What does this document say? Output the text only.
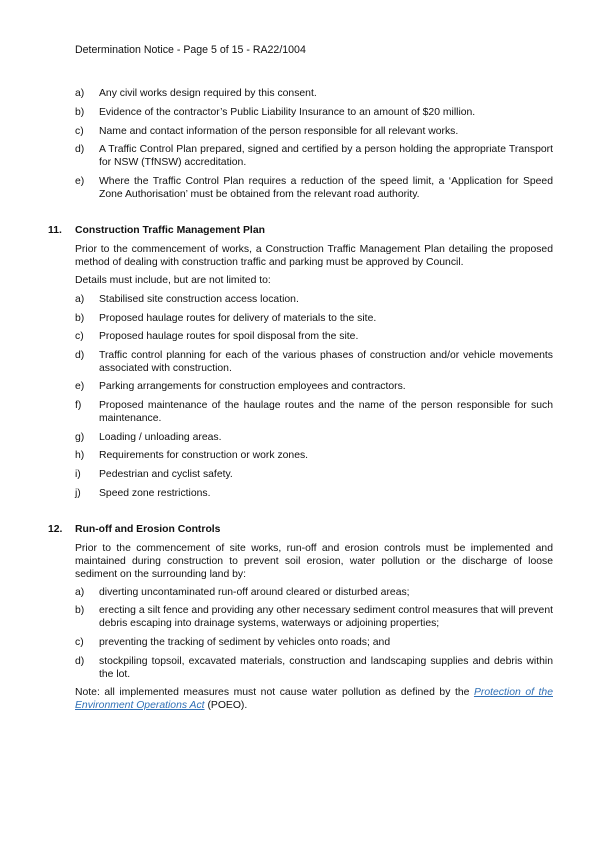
Determination Notice - Page 5 of 15 - RA22/1004
a) Any civil works design required by this consent.
b) Evidence of the contractor’s Public Liability Insurance to an amount of $20 million.
c) Name and contact information of the person responsible for all relevant works.
d) A Traffic Control Plan prepared, signed and certified by a person holding the appropriate Transport for NSW (TfNSW) accreditation.
e) Where the Traffic Control Plan requires a reduction of the speed limit, a ‘Application for Speed Zone Authorisation’ must be obtained from the relevant road authority.
11. Construction Traffic Management Plan
Prior to the commencement of works, a Construction Traffic Management Plan detailing the proposed method of dealing with construction traffic and parking must be approved by Council.
Details must include, but are not limited to:
a) Stabilised site construction access location.
b) Proposed haulage routes for delivery of materials to the site.
c) Proposed haulage routes for spoil disposal from the site.
d) Traffic control planning for each of the various phases of construction and/or vehicle movements associated with construction.
e) Parking arrangements for construction employees and contractors.
f) Proposed maintenance of the haulage routes and the name of the person responsible for such maintenance.
g) Loading / unloading areas.
h) Requirements for construction or work zones.
i) Pedestrian and cyclist safety.
j) Speed zone restrictions.
12. Run-off and Erosion Controls
Prior to the commencement of site works, run-off and erosion controls must be implemented and maintained during construction to prevent soil erosion, water pollution or the discharge of loose sediment on the surrounding land by:
a) diverting uncontaminated run-off around cleared or disturbed areas;
b) erecting a silt fence and providing any other necessary sediment control measures that will prevent debris escaping into drainage systems, waterways or adjoining properties;
c) preventing the tracking of sediment by vehicles onto roads; and
d) stockpiling topsoil, excavated materials, construction and landscaping supplies and debris within the lot.
Note: all implemented measures must not cause water pollution as defined by the Protection of the Environment Operations Act (POEO).
